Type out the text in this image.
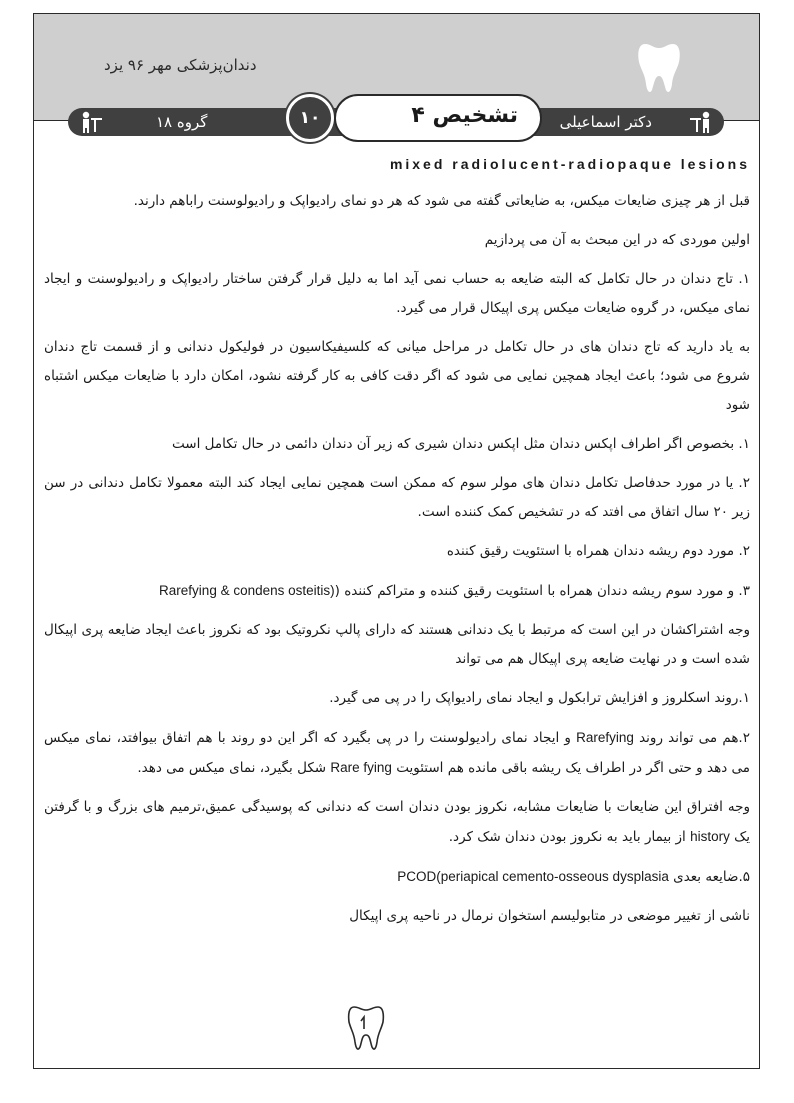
دندان‌پزشکی مهر ۹۶ یزد
گروه ۱۸	دکتر اسماعیلی
۱۰	تشخیص ۴
mixed radiolucent-radiopaque lesions

قبل از هر چیزی ضایعات میکس، به ضایعاتی گفته می شود که هر دو نمای رادیواپک و رادیولوسنت راباهم دارند.

اولین موردی که در این مبحث به آن می پردازیم

۱. تاج دندان در حال تکامل که البته ضایعه به حساب نمی آید اما به دلیل قرار گرفتن ساختار رادیواپک و رادیولوسنت و ایجاد نمای میکس، در گروه ضایعات میکس پری اپیکال قرار می گیرد.

به یاد دارید که تاج دندان های در حال تکامل در مراحل میانی که کلسیفیکاسیون در فولیکول دندانی و از قسمت تاج دندان شروع می شود؛ باعث ایجاد همچین نمایی می شود که اگر دقت کافی به کار گرفته نشود، امکان دارد با ضایعات میکس اشتباه شود

۱. بخصوص اگر اطراف اپکس دندان مثل اپکس دندان شیری که زیر آن دندان دائمی در حال تکامل است

۲. یا در مورد حدفاصل تکامل دندان های مولر سوم که ممکن است همچین نمایی ایجاد کند البته معمولا تکامل دندانی در سن زیر ۲۰ سال اتفاق می افتد که در تشخیص کمک کننده است.

۲. مورد دوم ریشه دندان همراه با استئویت رقیق کننده

۳. و مورد سوم ریشه دندان همراه با استئویت رقیق کننده و متراکم کننده (Rarefying & condens osteitis)

وجه اشتراکشان در این است که مرتبط با یک دندانی هستند که دارای پالپ نکروتیک بود که نکروز باعث ایجاد ضایعه پری اپیکال شده است و در نهایت ضایعه پری اپیکال هم می تواند

۱.روند اسکلروز و افزایش ترابکول و ایجاد نمای رادیواپک را در پی می گیرد.

۲.هم می تواند روند Rarefying و ایجاد نمای رادیولوسنت را در پی بگیرد که اگر این دو روند با هم اتفاق بیوافتد، نمای میکس می دهد و حتی اگر در اطراف یک ریشه باقی مانده هم استئویت Rare fying شکل بگیرد، نمای میکس می دهد.

وجه افتراق این ضایعات با ضایعات مشابه، نکروز بودن دندان است که دندانی که پوسیدگی عمیق،ترمیم های بزرگ و با گرفتن یک history از بیمار باید به نکروز بودن دندان شک کرد.

۵.ضایعه بعدی PCOD(periapical cemento-osseous dysplasia

ناشی از تغییر موضعی در متابولیسم استخوان نرمال در ناحیه پری اپیکال
